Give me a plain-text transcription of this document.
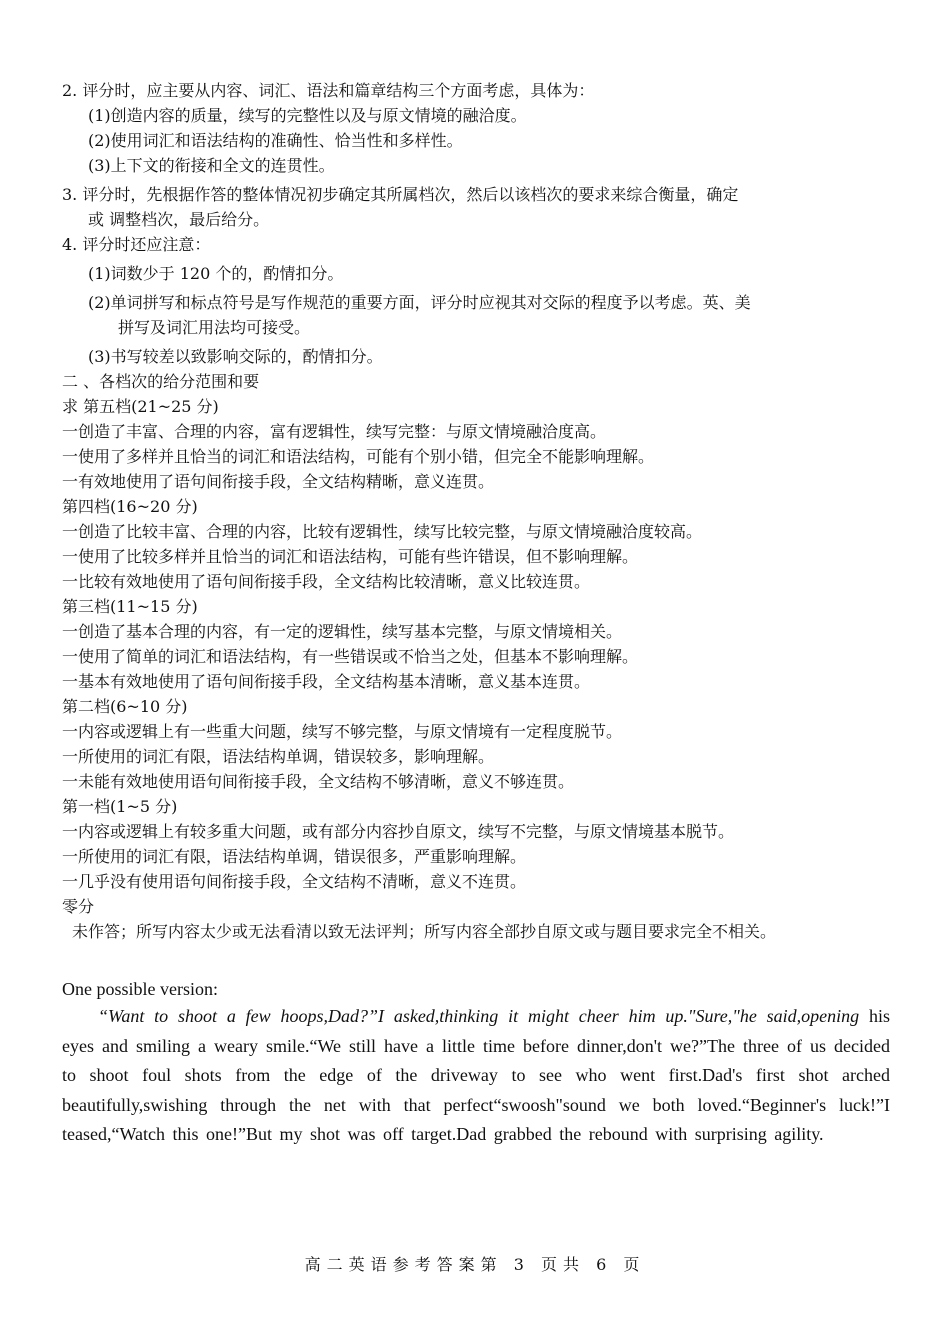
2. 评分时，应主要从内容、词汇、语法和篇章结构三个方面考虑，具体为：
(1)创造内容的质量，续写的完整性以及与原文情境的融洽度。
(2)使用词汇和语法结构的准确性、恰当性和多样性。
(3)上下文的衔接和全文的连贯性。
3. 评分时，先根据作答的整体情况初步确定其所属档次，然后以该档次的要求来综合衡量，确定
或 调整档次，最后给分。
4. 评分时还应注意：
(1)词数少于 120 个的，酌情扣分。
(2)单词拼写和标点符号是写作规范的重要方面，评分时应视其对交际的程度予以考虑。英、美
拼写及词汇用法均可接受。
(3)书写较差以致影响交际的，酌情扣分。
二 、各档次的给分范围和要
求 第五档(21~25 分)
一创造了丰富、合理的内容，富有逻辑性，续写完整：与原文情境融洽度高。
一使用了多样并且恰当的词汇和语法结构，可能有个别小错，但完全不能影响理解。
一有效地使用了语句间衔接手段，全文结构精晰，意义连贯。
第四档(16~20 分)
一创造了比较丰富、合理的内容，比较有逻辑性，续写比较完整，与原文情境融洽度较高。
一使用了比较多样并且恰当的词汇和语法结构，可能有些许错误，但不影响理解。
一比较有效地使用了语句间衔接手段，全文结构比较清晰，意义比较连贯。
第三档(11~15 分)
一创造了基本合理的内容，有一定的逻辑性，续写基本完整，与原文情境相关。
一使用了简单的词汇和语法结构，有一些错误或不恰当之处，但基本不影响理解。
一基本有效地使用了语句间衔接手段，全文结构基本清晰，意义基本连贯。
第二档(6~10 分)
一内容或逻辑上有一些重大问题，续写不够完整，与原文情境有一定程度脱节。
一所使用的词汇有限，语法结构单调，错误较多，影响理解。
一未能有效地使用语句间衔接手段，全文结构不够清晰，意义不够连贯。
第一档(1~5 分)
一内容或逻辑上有较多重大问题，或有部分内容抄自原文，续写不完整，与原文情境基本脱节。
一所使用的词汇有限，语法结构单调，错误很多，严重影响理解。
一几乎没有使用语句间衔接手段，全文结构不清晰，意义不连贯。
零分
未作答；所写内容太少或无法看清以致无法评判；所写内容全部抄自原文或与题目要求完全不相关。
One possible version:
“Want to shoot a few hoops,Dad?”I asked,thinking it might cheer him up."Sure,"he said,opening his eyes and smiling a weary smile.“We still have a little time before dinner,don't we?”The three of us decided to shoot foul shots from the edge of the driveway to see who went first.Dad's first shot arched beautifully,swishing through the net with that perfect“swoosh"sound we both loved.“Beginner's luck!”I teased,“Watch this one!”But my shot was off target.Dad grabbed the rebound with surprising agility.
高二英语参考答案第 3 页共 6 页
